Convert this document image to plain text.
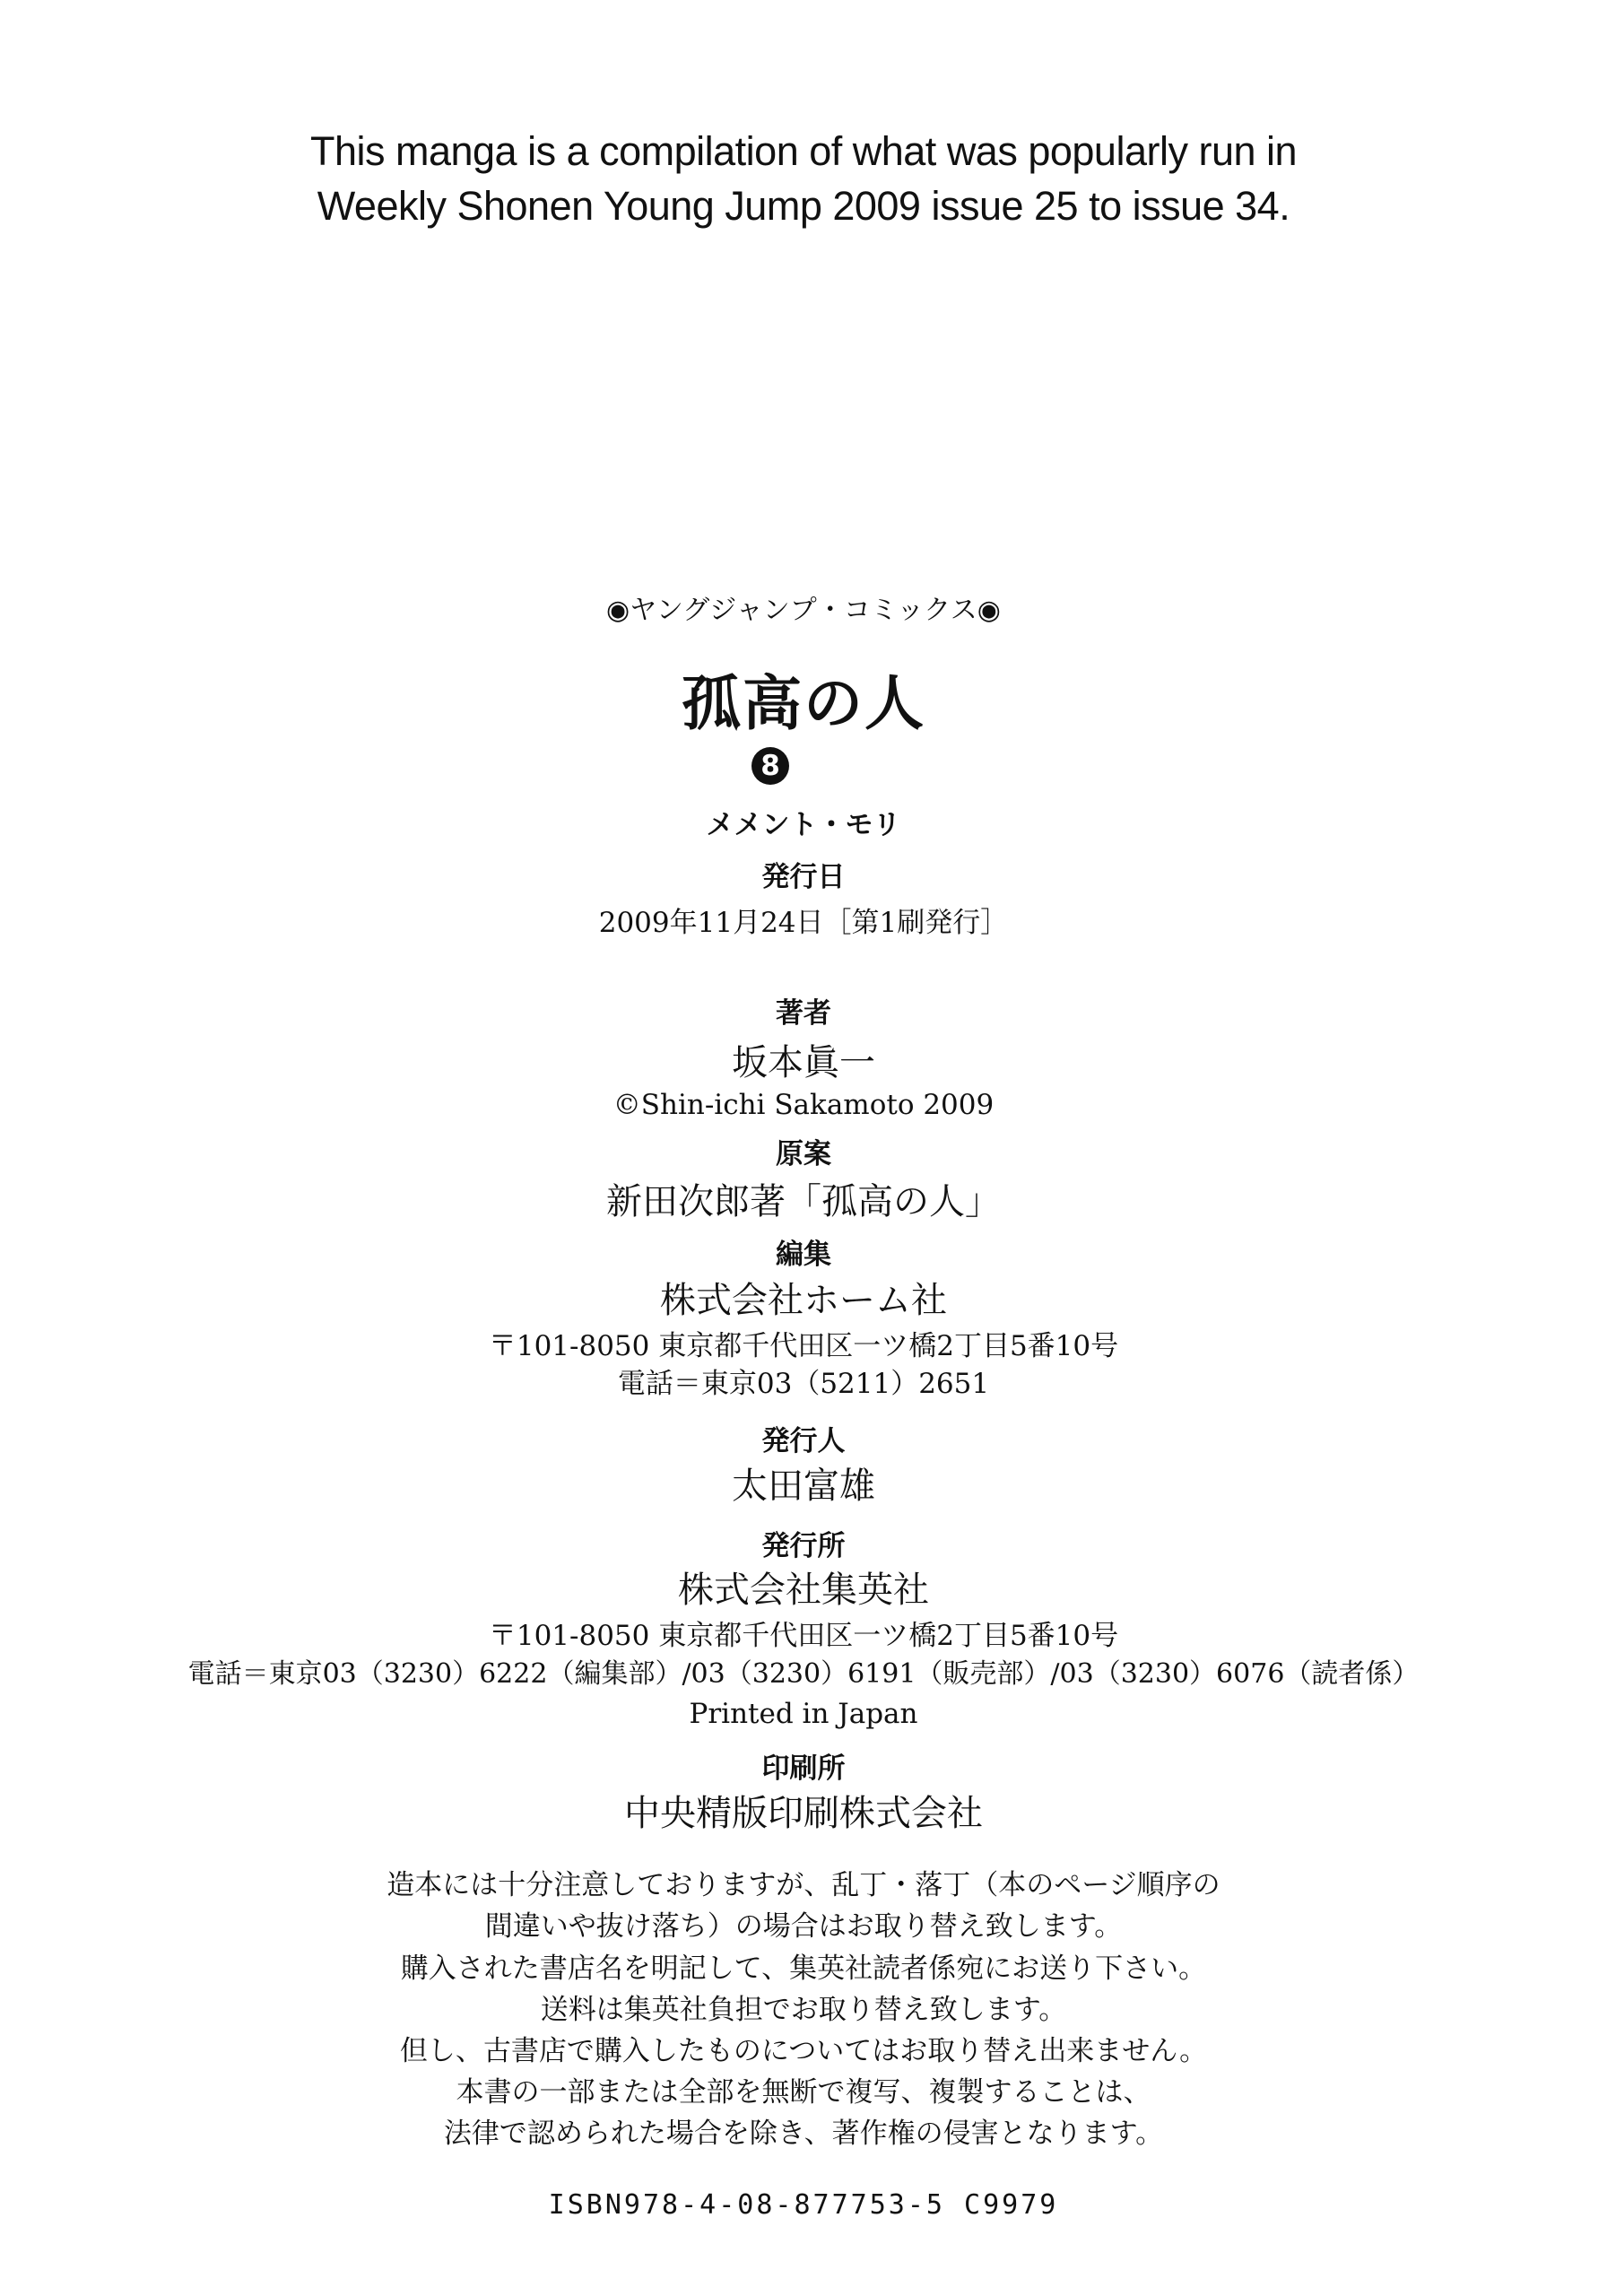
This manga is a compilation of what was popularly run in
Weekly Shonen Young Jump 2009 issue 25 to issue 34.
◉ヤングジャンプ・コミックス◉
孤高の人
8
メメント・モリ
発行日
2009年11月24日［第1刷発行］
著者
坂本眞一
©Shin-ichi Sakamoto 2009
原案
新田次郎著「孤高の人」
編集
株式会社ホーム社
〒101-8050 東京都千代田区一ツ橋2丁目5番10号
電話＝東京03（5211）2651
発行人
太田富雄
発行所
株式会社集英社
〒101-8050 東京都千代田区一ツ橋2丁目5番10号
電話＝東京03（3230）6222（編集部）/03（3230）6191（販売部）/03（3230）6076（読者係）
Printed in Japan
印刷所
中央精版印刷株式会社
造本には十分注意しておりますが、乱丁・落丁（本のページ順序の
間違いや抜け落ち）の場合はお取り替え致します。
購入された書店名を明記して、集英社読者係宛にお送り下さい。
送料は集英社負担でお取り替え致します。
但し、古書店で購入したものについてはお取り替え出来ません。
本書の一部または全部を無断で複写、複製することは、
法律で認められた場合を除き、著作権の侵害となります。
ISBN978-4-08-877753-5 C9979
